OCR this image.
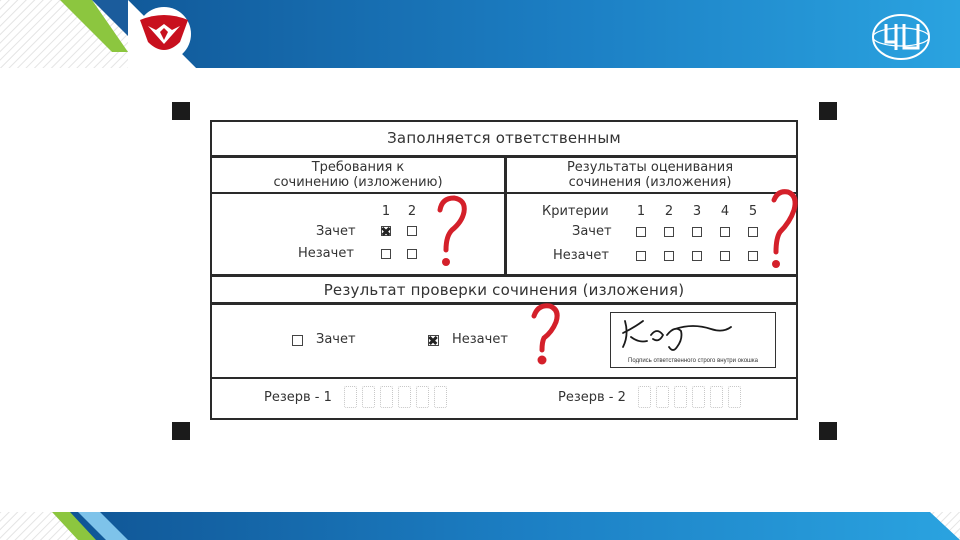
Заполняется ответственным
Требования к
сочинению (изложению)
Результаты оценивания
сочинения (изложения)
1 2
Зачет
Незачет
Критерии 1 2 3 4 5
Зачет
Незачет
Результат проверки сочинения (изложения)
Зачет	Незачет
Подпись ответственного строго внутри окошка
Резерв - 1	Резерв - 2
